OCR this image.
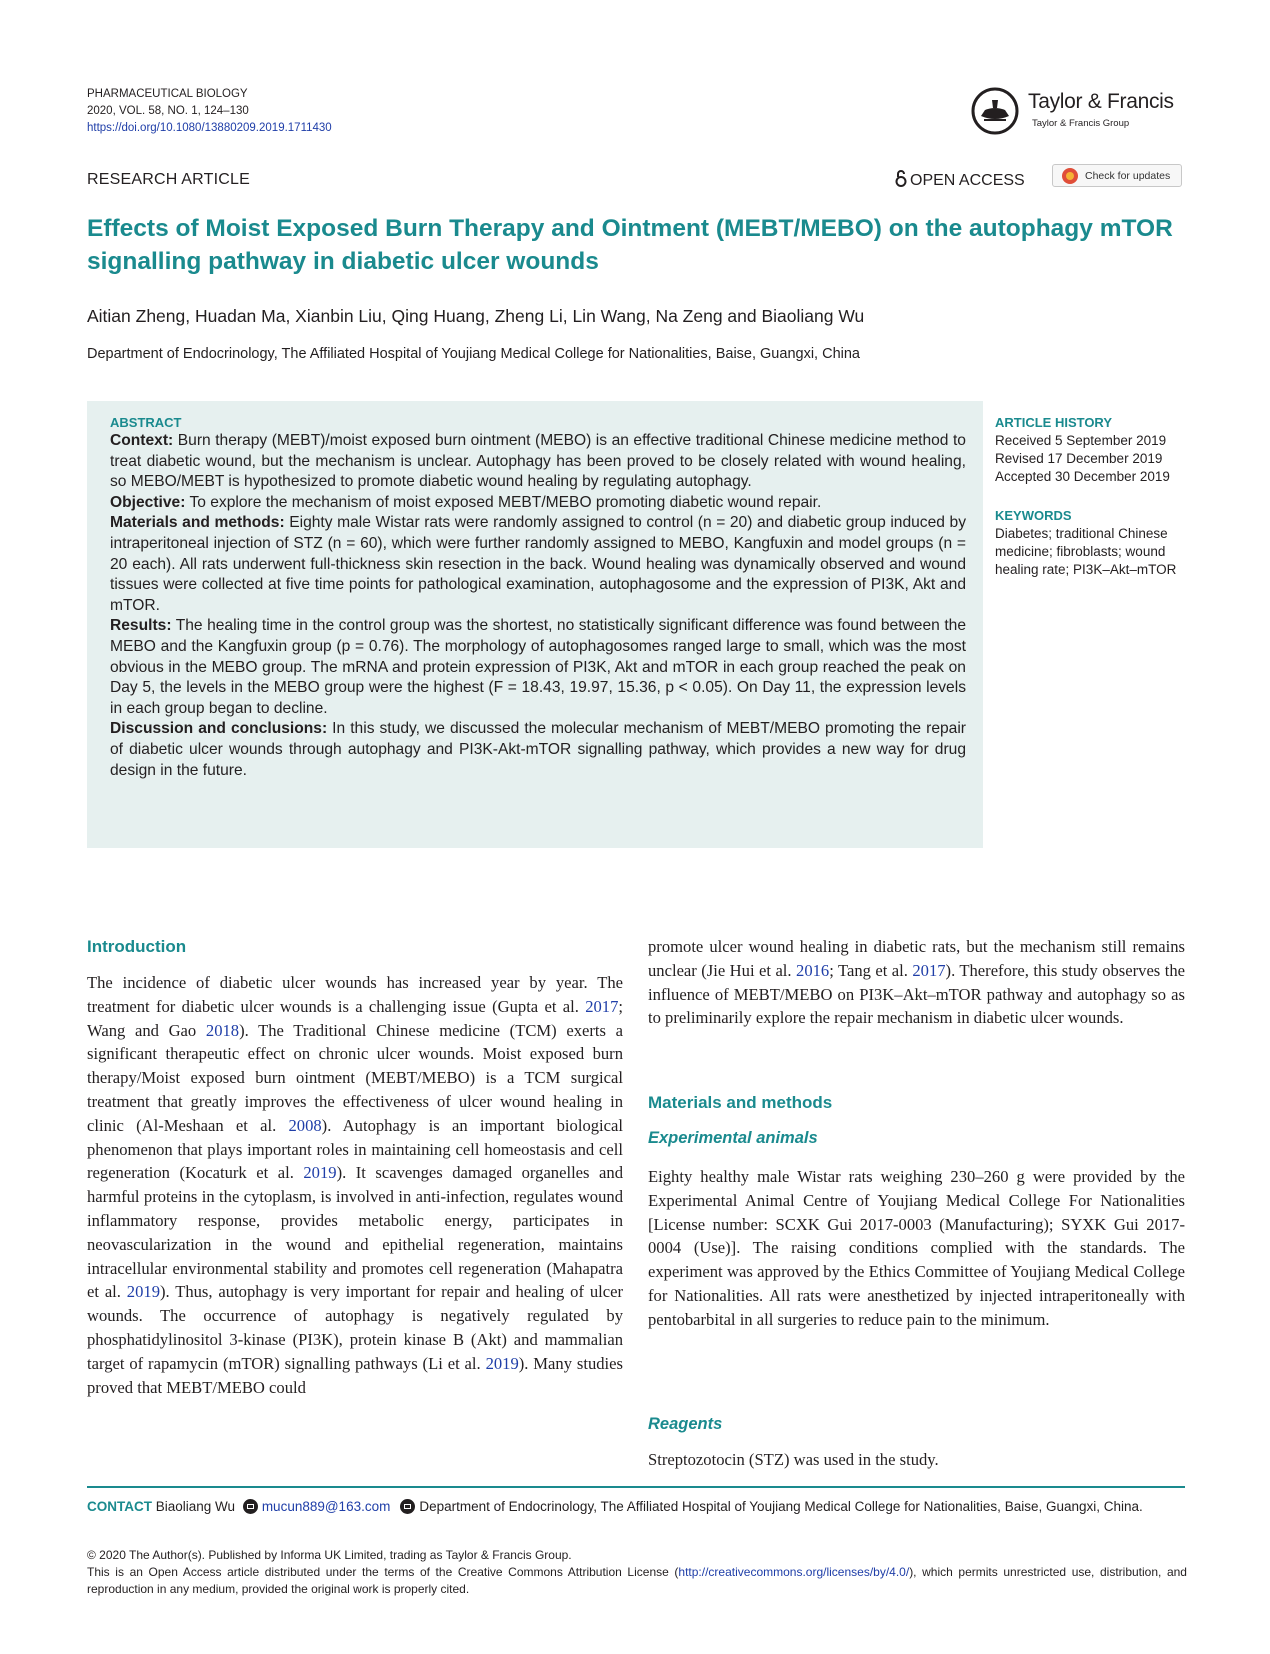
PHARMACEUTICAL BIOLOGY
2020, VOL. 58, NO. 1, 124–130
https://doi.org/10.1080/13880209.2019.1711430
Taylor & Francis
Taylor & Francis Group
RESEARCH ARTICLE	OPEN ACCESS	Check for updates
Effects of Moist Exposed Burn Therapy and Ointment (MEBT/MEBO) on the autophagy mTOR signalling pathway in diabetic ulcer wounds
Aitian Zheng, Huadan Ma, Xianbin Liu, Qing Huang, Zheng Li, Lin Wang, Na Zeng and Biaoliang Wu
Department of Endocrinology, The Affiliated Hospital of Youjiang Medical College for Nationalities, Baise, Guangxi, China
ABSTRACT

Context: Burn therapy (MEBT)/moist exposed burn ointment (MEBO) is an effective traditional Chinese medicine method to treat diabetic wound, but the mechanism is unclear. Autophagy has been proved to be closely related with wound healing, so MEBO/MEBT is hypothesized to promote diabetic wound healing by regulating autophagy.

Objective: To explore the mechanism of moist exposed MEBT/MEBO promoting diabetic wound repair.

Materials and methods: Eighty male Wistar rats were randomly assigned to control (n = 20) and diabetic group induced by intraperitoneal injection of STZ (n = 60), which were further randomly assigned to MEBO, Kangfuxin and model groups (n = 20 each). All rats underwent full-thickness skin resection in the back. Wound healing was dynamically observed and wound tissues were collected at five time points for pathological examination, autophagosome and the expression of PI3K, Akt and mTOR.

Results: The healing time in the control group was the shortest, no statistically significant difference was found between the MEBO and the Kangfuxin group (p = 0.76). The morphology of autophagosomes ranged large to small, which was the most obvious in the MEBO group. The mRNA and protein expression of PI3K, Akt and mTOR in each group reached the peak on Day 5, the levels in the MEBO group were the highest (F = 18.43, 19.97, 15.36, p < 0.05). On Day 11, the expression levels in each group began to decline.

Discussion and conclusions: In this study, we discussed the molecular mechanism of MEBT/MEBO promoting the repair of diabetic ulcer wounds through autophagy and PI3K-Akt-mTOR signalling pathway, which provides a new way for drug design in the future.

ARTICLE HISTORY
Received 5 September 2019
Revised 17 December 2019
Accepted 30 December 2019
KEYWORDS
Diabetes; traditional Chinese medicine; fibroblasts; wound healing rate; PI3K–Akt–mTOR
Introduction
The incidence of diabetic ulcer wounds has increased year by year. The treatment for diabetic ulcer wounds is a challenging issue (Gupta et al. 2017; Wang and Gao 2018). The Traditional Chinese medicine (TCM) exerts a significant therapeutic effect on chronic ulcer wounds. Moist exposed burn therapy/Moist exposed burn ointment (MEBT/MEBO) is a TCM surgical treatment that greatly improves the effectiveness of ulcer wound healing in clinic (Al-Meshaan et al. 2008). Autophagy is an important biological phenomenon that plays important roles in maintaining cell homeostasis and cell regeneration (Kocaturk et al. 2019). It scavenges damaged organelles and harmful proteins in the cytoplasm, is involved in anti-infection, regulates wound inflammatory response, provides metabolic energy, participates in neovascularization in the wound and epithelial regeneration, maintains intracellular environmental stability and promotes cell regeneration (Mahapatra et al. 2019). Thus, autophagy is very important for repair and healing of ulcer wounds. The occurrence of autophagy is negatively regulated by phosphatidylinositol 3-kinase (PI3K), protein kinase B (Akt) and mammalian target of rapamycin (mTOR) signalling pathways (Li et al. 2019). Many studies proved that MEBT/MEBO could
promote ulcer wound healing in diabetic rats, but the mechanism still remains unclear (Jie Hui et al. 2016; Tang et al. 2017). Therefore, this study observes the influence of MEBT/MEBO on PI3K–Akt–mTOR pathway and autophagy so as to preliminarily explore the repair mechanism in diabetic ulcer wounds.
Materials and methods
Experimental animals
Eighty healthy male Wistar rats weighing 230–260 g were provided by the Experimental Animal Centre of Youjiang Medical College For Nationalities [License number: SCXK Gui 2017-0003 (Manufacturing); SYXK Gui 2017-0004 (Use)]. The raising conditions complied with the standards. The experiment was approved by the Ethics Committee of Youjiang Medical College for Nationalities. All rats were anesthetized by injected intraperitoneally with pentobarbital in all surgeries to reduce pain to the minimum.
Reagents
Streptozotocin (STZ) was used in the study.
CONTACT Biaoliang Wu mucun889@163.com Department of Endocrinology, The Affiliated Hospital of Youjiang Medical College for Nationalities, Baise, Guangxi, China.
© 2020 The Author(s). Published by Informa UK Limited, trading as Taylor & Francis Group.
This is an Open Access article distributed under the terms of the Creative Commons Attribution License (http://creativecommons.org/licenses/by/4.0/), which permits unrestricted use, distribution, and reproduction in any medium, provided the original work is properly cited.
